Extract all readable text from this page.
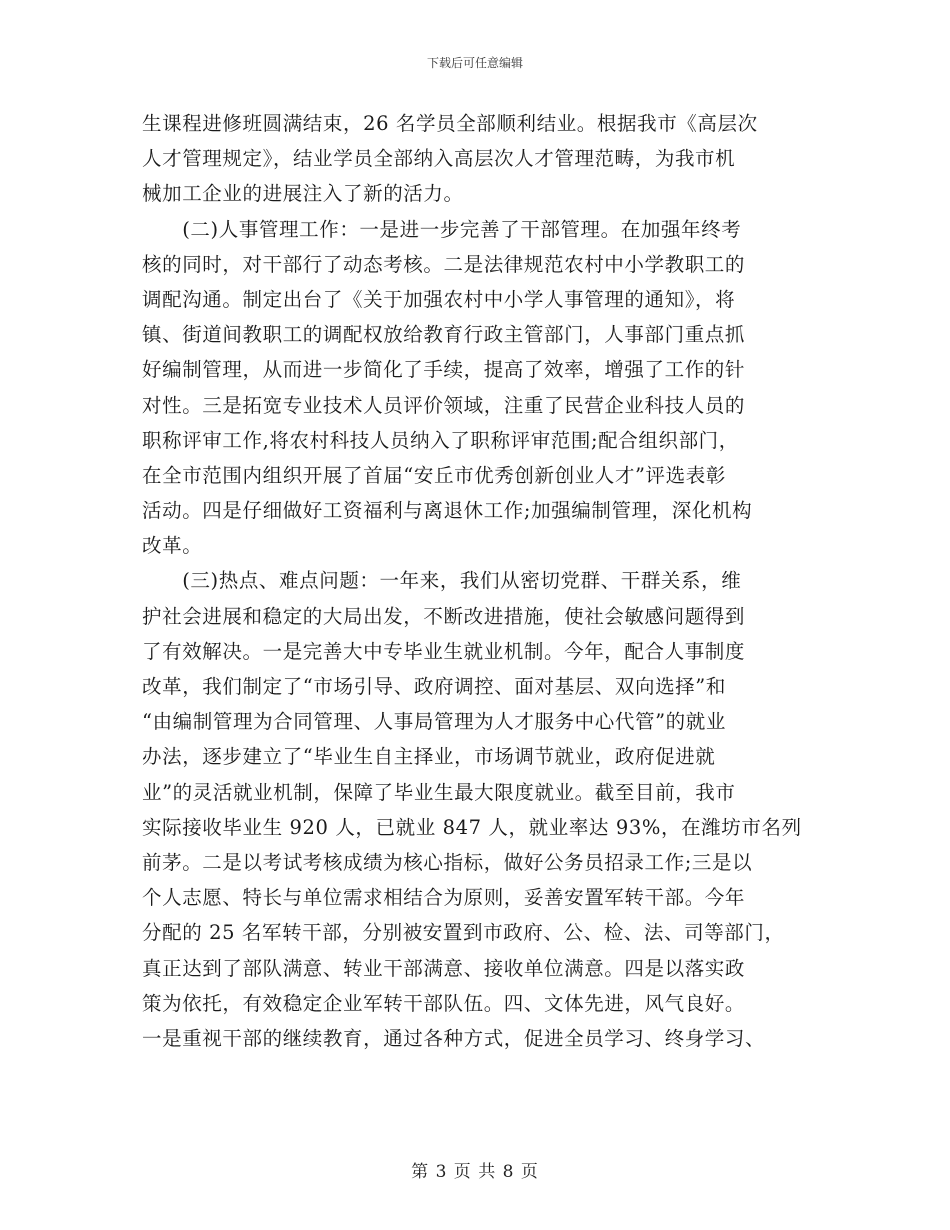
下载后可任意编辑
生课程进修班圆满结束，26 名学员全部顺利结业。根据我市《高层次
人才管理规定》，结业学员全部纳入高层次人才管理范畴，为我市机
械加工企业的进展注入了新的活力。
　　(二)人事管理工作：一是进一步完善了干部管理。在加强年终考
核的同时，对干部行了动态考核。二是法律规范农村中小学教职工的
调配沟通。制定出台了《关于加强农村中小学人事管理的通知》，将
镇、街道间教职工的调配权放给教育行政主管部门，人事部门重点抓
好编制管理，从而进一步简化了手续，提高了效率，增强了工作的针
对性。三是拓宽专业技术人员评价领域，注重了民营企业科技人员的
职称评审工作,将农村科技人员纳入了职称评审范围;配合组织部门，
在全市范围内组织开展了首届“安丘市优秀创新创业人才”评选表彰
活动。四是仔细做好工资福利与离退休工作;加强编制管理，深化机构
改革。
　　(三)热点、难点问题：一年来，我们从密切党群、干群关系，维
护社会进展和稳定的大局出发，不断改进措施，使社会敏感问题得到
了有效解决。一是完善大中专毕业生就业机制。今年，配合人事制度
改革，我们制定了“市场引导、政府调控、面对基层、双向选择”和
“由编制管理为合同管理、人事局管理为人才服务中心代管”的就业
办法，逐步建立了“毕业生自主择业，市场调节就业，政府促进就
业”的灵活就业机制，保障了毕业生最大限度就业。截至目前，我市
实际接收毕业生 920 人，已就业 847 人，就业率达 93%，在潍坊市名列
前茅。二是以考试考核成绩为核心指标，做好公务员招录工作;三是以
个人志愿、特长与单位需求相结合为原则，妥善安置军转干部。今年
分配的 25 名军转干部，分别被安置到市政府、公、检、法、司等部门，
真正达到了部队满意、转业干部满意、接收单位满意。四是以落实政
策为依托，有效稳定企业军转干部队伍。四、文体先进，风气良好。
一是重视干部的继续教育，通过各种方式，促进全员学习、终身学习、
第 3 页 共 8 页
